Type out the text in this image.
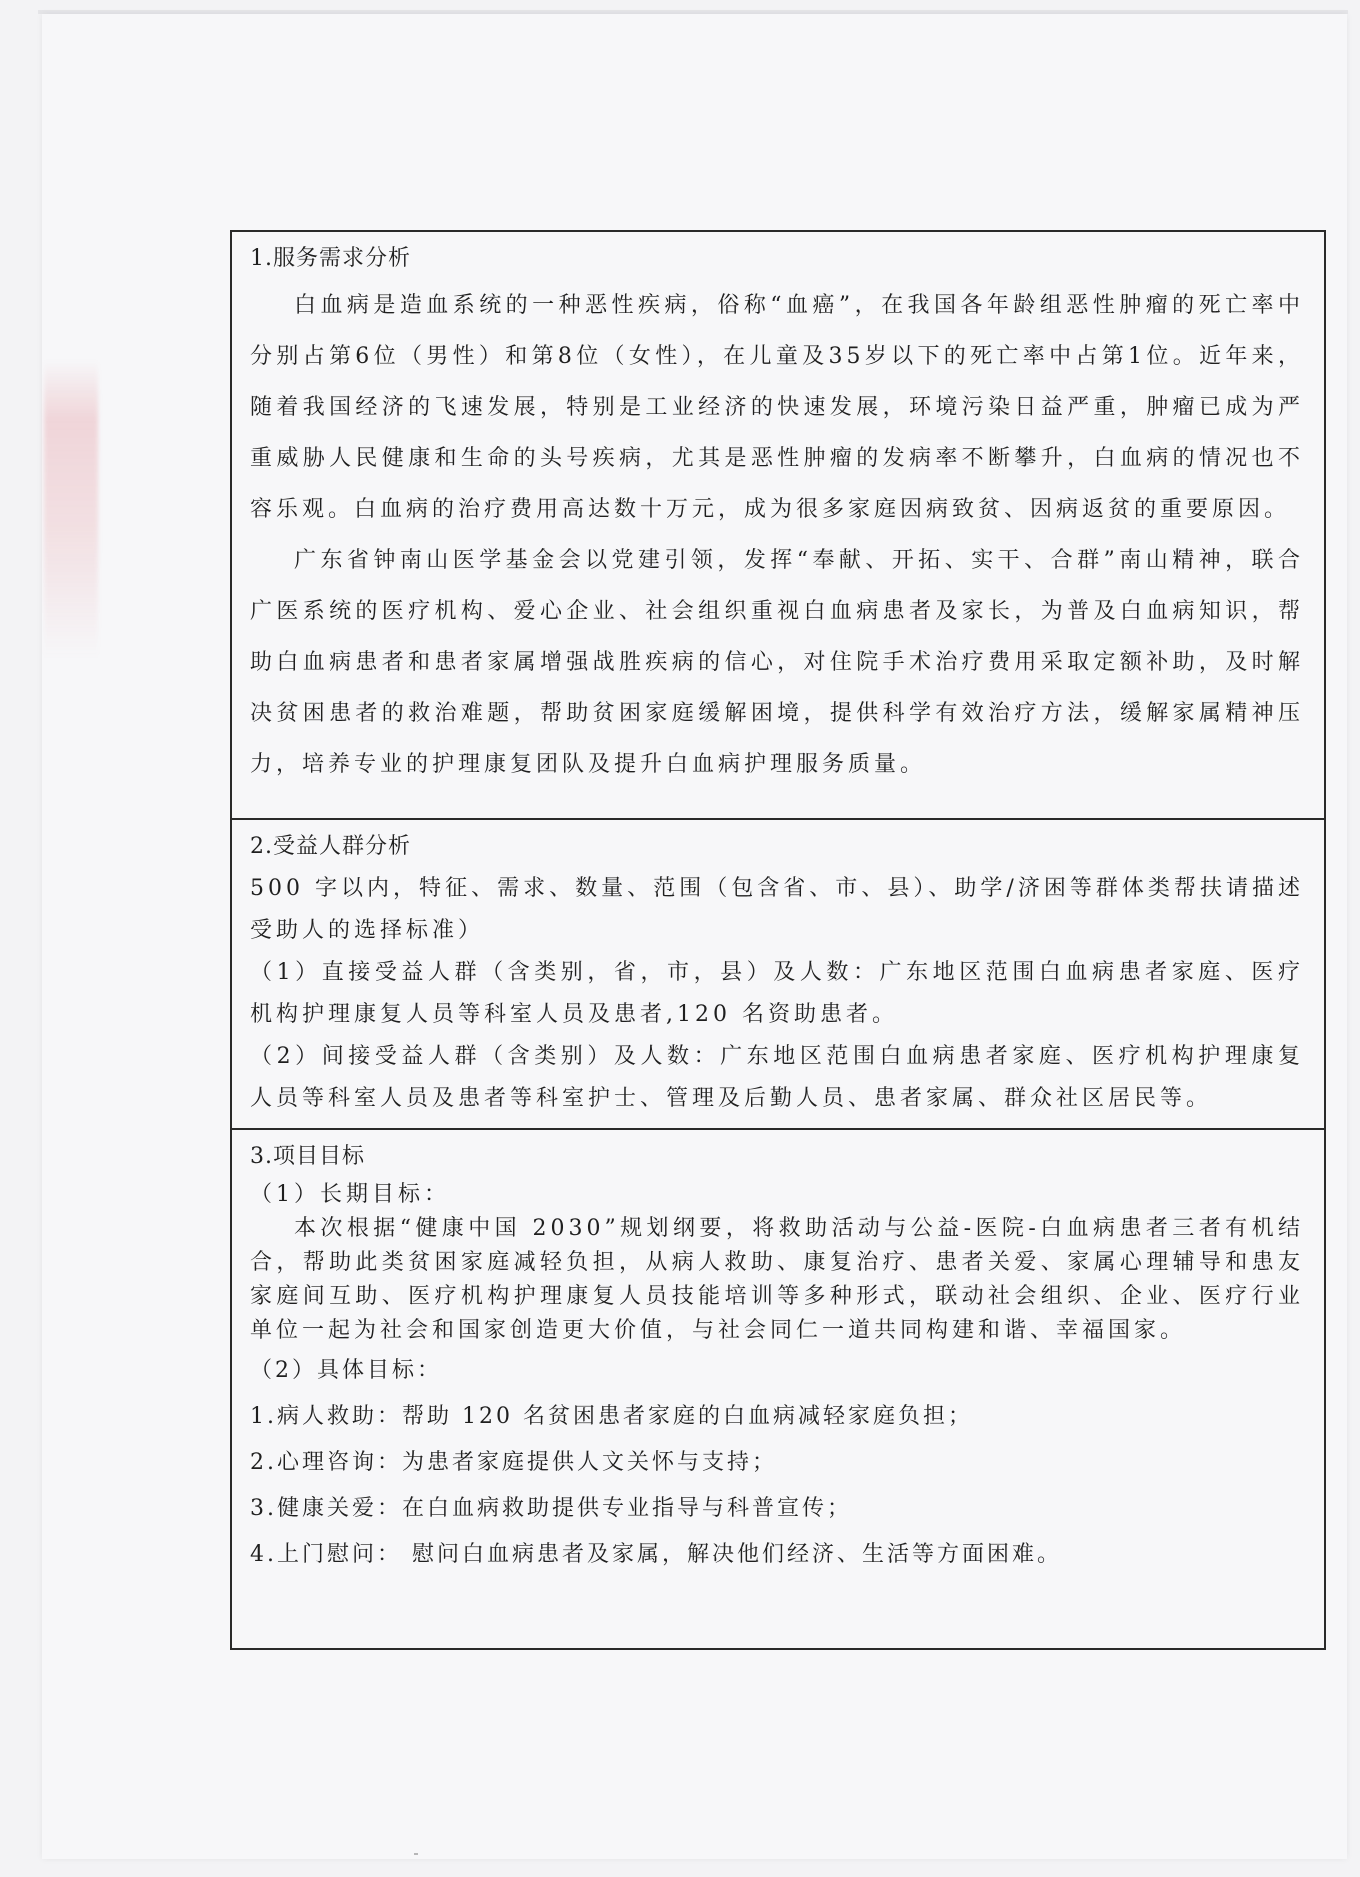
1.服务需求分析

白血病是造血系统的一种恶性疾病，俗称“血癌”，在我国各年龄组恶性肿瘤的死亡率中分别占第6位（男性）和第8位（女性），在儿童及35岁以下的死亡率中占第1位。近年来，随着我国经济的飞速发展，特别是工业经济的快速发展，环境污染日益严重，肿瘤已成为严重威胁人民健康和生命的头号疾病，尤其是恶性肿瘤的发病率不断攀升，白血病的情况也不容乐观。白血病的治疗费用高达数十万元，成为很多家庭因病致贫、因病返贫的重要原因。

广东省钟南山医学基金会以党建引领，发挥“奉献、开拓、实干、合群”南山精神，联合广医系统的医疗机构、爱心企业、社会组织重视白血病患者及家长，为普及白血病知识，帮助白血病患者和患者家属增强战胜疾病的信心，对住院手术治疗费用采取定额补助，及时解决贫困患者的救治难题，帮助贫困家庭缓解困境，提供科学有效治疗方法，缓解家属精神压力，培养专业的护理康复团队及提升白血病护理服务质量。

2.受益人群分析

500 字以内，特征、需求、数量、范围（包含省、市、县）、助学/济困等群体类帮扶请描述受助人的选择标准）

（1）直接受益人群（含类别，省，市，县）及人数：广东地区范围白血病患者家庭、医疗机构护理康复人员等科室人员及患者,120 名资助患者。

（2）间接受益人群（含类别）及人数：广东地区范围白血病患者家庭、医疗机构护理康复人员等科室人员及患者等科室护士、管理及后勤人员、患者家属、群众社区居民等。

3.项目目标

（1）长期目标：

本次根据“健康中国 2030”规划纲要，将救助活动与公益-医院-白血病患者三者有机结合，帮助此类贫困家庭减轻负担，从病人救助、康复治疗、患者关爱、家属心理辅导和患友家庭间互助、医疗机构护理康复人员技能培训等多种形式，联动社会组织、企业、医疗行业单位一起为社会和国家创造更大价值，与社会同仁一道共同构建和谐、幸福国家。

（2）具体目标：

1.病人救助：帮助 120 名贫困患者家庭的白血病减轻家庭负担；

2.心理咨询：为患者家庭提供人文关怀与支持；

3.健康关爱：在白血病救助提供专业指导与科普宣传；

4.上门慰问： 慰问白血病患者及家属，解决他们经济、生活等方面困难。
